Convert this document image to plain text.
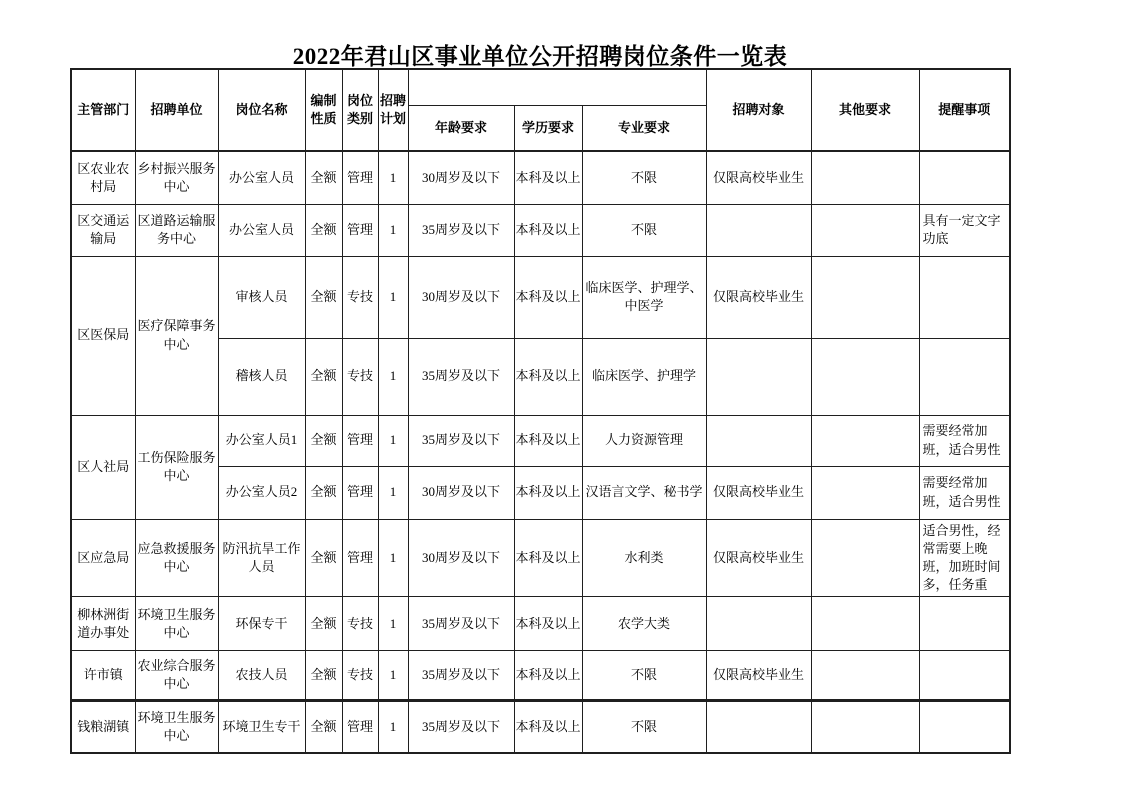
2022年君山区事业单位公开招聘岗位条件一览表
主管部门	招聘单位	岗位名称	编制性质	岗位类别	招聘计划				招聘对象	其他要求	提醒事项
						年龄要求	学历要求	专业要求			
区农业农村局	乡村振兴服务中心	办公室人员	全额	管理	1	30周岁及以下	本科及以上	不限	仅限高校毕业生		
区交通运输局	区道路运输服务中心	办公室人员	全额	管理	1	35周岁及以下	本科及以上	不限			具有一定文字功底
区医保局	医疗保障事务中心	审核人员	全额	专技	1	30周岁及以下	本科及以上	临床医学、护理学、中医学	仅限高校毕业生		
		稽核人员	全额	专技	1	35周岁及以下	本科及以上	临床医学、护理学			
区人社局	工伤保险服务中心	办公室人员1	全额	管理	1	35周岁及以下	本科及以上	人力资源管理			需要经常加班，适合男性
		办公室人员2	全额	管理	1	30周岁及以下	本科及以上	汉语言文学、秘书学	仅限高校毕业生		需要经常加班，适合男性
区应急局	应急救援服务中心	防汛抗旱工作人员	全额	管理	1	30周岁及以下	本科及以上	水利类	仅限高校毕业生		适合男性，经常需要上晚班，加班时间多，任务重
柳林洲街道办事处	环境卫生服务中心	环保专干	全额	专技	1	35周岁及以下	本科及以上	农学大类			
许市镇	农业综合服务中心	农技人员	全额	专技	1	35周岁及以下	本科及以上	不限	仅限高校毕业生		
钱粮湖镇	环境卫生服务中心	环境卫生专干	全额	管理	1	35周岁及以下	本科及以上	不限			
